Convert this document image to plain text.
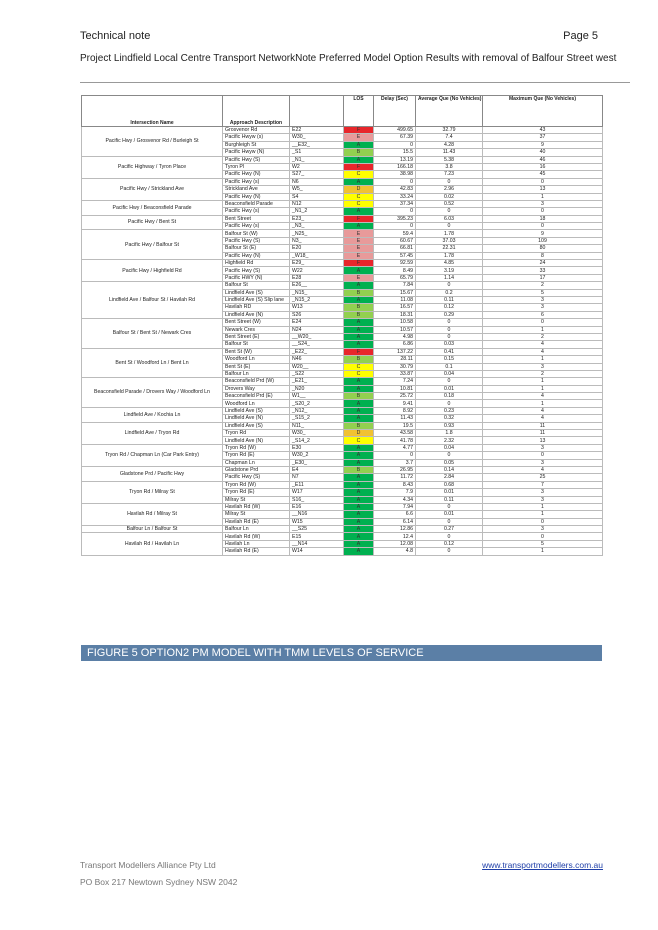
Technical note	Page 5
Project Lindfield Local Centre Transport NetworkNote Preferred Model Option Results with removal of Balfour Street west
Intersection Name	Approach Description		LOS	Delay (Sec)	Average Que (No Vehicles)	Maximum Que (No Vehicles)
Pacific Hwy / Grosvenor Rd / Burleigh St	Grosvenor Rd	E22	F	499.65	32.79	43
	Pacific Hwyw (s)	W30_	E	67.39	7.4	37
	Burghleigh St	__E32_	A	0	4.28	9
	Pacific Hwyw (N)	_S1	B	15.5	11.43	40
Pacific Highway / Tyron Place	Pacific Hwy (S)	_N1_	A	13.19	5.38	46
	Tyron Pl	W2	F	166.18	3.8	16
	Pacific Hwy (N)	S27_	C	38.98	7.23	45
Pacific Hwy / Strickland Ave	Pacific Hwy (s)	N6	A	0	0	0
	Strickland Ave	W5_	D	42.83	2.96	13
	Pacific Hwy (N)	S4	C	33.24	0.02	1
Pacific Hwy / Beaconsfield Parade	Beaconsfield Parade	N12	C	37.34	0.52	3
	Pacific Hwy (s)	_N1_2	A	0	0	0
Pacific Hwy / Bent St	Bent Street	E23_	F	395.23	6.03	18
	Pacific Hwy (s)	_N3_	A	0	0	0
Pacific Hwy / Balfour St	Balfour St (W)	_N25_	E	59.4	1.78	9
	Pacific Hwy (S)	N3_	E	60.67	37.03	109
	Balfour St (E)	E20	E	66.81	22.31	80
	Pacific Hwy (N)	_W18_	E	57.45	1.78	8
Pacific Hwy / Highfield Rd	Highfield Rd	E29_	F	92.59	4.85	24
	Pacific Hwy (S)	W22	A	8.49	3.19	33
	Pacific HWY (N)	E28	E	65.79	1.14	17
Lindfield Ave / Balfour St / Havilah Rd	Balfour St	E26__	A	7.84	0	2
	Lindfield Ave (S)	_N15_	B	15.67	0.2	5
	Lindfield Ave (S) Slip lane	_N15_2	A	11.08	0.11	3
	Havilah RD	W13	B	16.57	0.12	3
	Lindfield Ave (N)	S26	B	18.31	0.29	6
Balfour St / Bent St / Newark Cres	Bent Street (W)	E24	A	10.58	0	0
	Newark Cres	N24	A	10.57	0	1
	Bent Street (E)	__W20_	A	4.98	0	2
	Balfour St	__S24_	A	6.86	0.03	4
Bent St / Woodford Ln / Bent Ln	Bent St (W)	_E22_	F	137.22	0.41	4
	Woodford Ln	N46	B	28.11	0.15	1
	Bent St (E)	W20__	C	30.79	0.1	3
	Balfour Ln	_S22	C	33.87	0.04	2
Beaconsfield Parade / Drovers Way / Woodford Ln	Beaconsfield Prd (W)	_E21_	A	7.24	0	1
	Drovers Way	_N20	A	10.81	0.01	1
	Beaconsfield Prd (E)	W1__	B	25.72	0.18	4
	Woodford Ln	_S20_2	A	9.41	0	1
Lindfield Ave / Kochia Ln	Lindfield Ave (S)	_N12_	A	8.92	0.23	4
	Lindfield Ave (N)	_S15_2	A	11.43	0.32	4
Lindfield Ave / Tryon Rd	Lindfield Ave (S)	N11_	B	19.5	0.93	11
	Tryon Rd	W30_	D	43.58	1.8	11
	Lindfield Ave (N)	_S14_2	C	41.78	2.32	13
Tryon Rd / Chapman Ln (Car Park Entry)	Tryon Rd (W)	E30	A	4.77	0.04	3
	Tryon Rd (E)	W30_2	A	0	0	0
	Chapman Ln	_E30_	A	3.7	0.05	3
Gladstone Prd / Pacific Hwy	Gladstone Prd	E4	B	26.95	0.14	4
	Pacific Hwy (S)	N7	A	11.72	2.84	25
Tryon Rd / Milray St	Tryon Rd (W)	_E11	A	8.43	0.68	7
	Tryon Rd (E)	W17	A	7.9	0.01	3
	Milray St	S16_	A	4.34	0.11	3
Havilah Rd / Milray St	Havilah Rd (W)	E16	A	7.94	0	1
	Milray St	__N16	A	6.6	0.01	1
	Havilah Rd (E)	W15	A	6.14	0	0
Balfour Ln / Balfour St	Balfour Ln	__S25	A	12.86	0.27	3
Havilah Rd / Havilah Ln	Havilah Rd (W)	E15	A	12.4	0	0
	Havilah Ln	__N14	A	12.08	0.12	5
	Havilah Rd (E)	W14	A	4.8	0	1
FIGURE 5 OPTION2 PM MODEL WITH TMM LEVELS OF SERVICE
Transport Modellers Alliance Pty Ltd
PO Box 217 Newtown Sydney NSW 2042
www.transportmodellers.com.au
